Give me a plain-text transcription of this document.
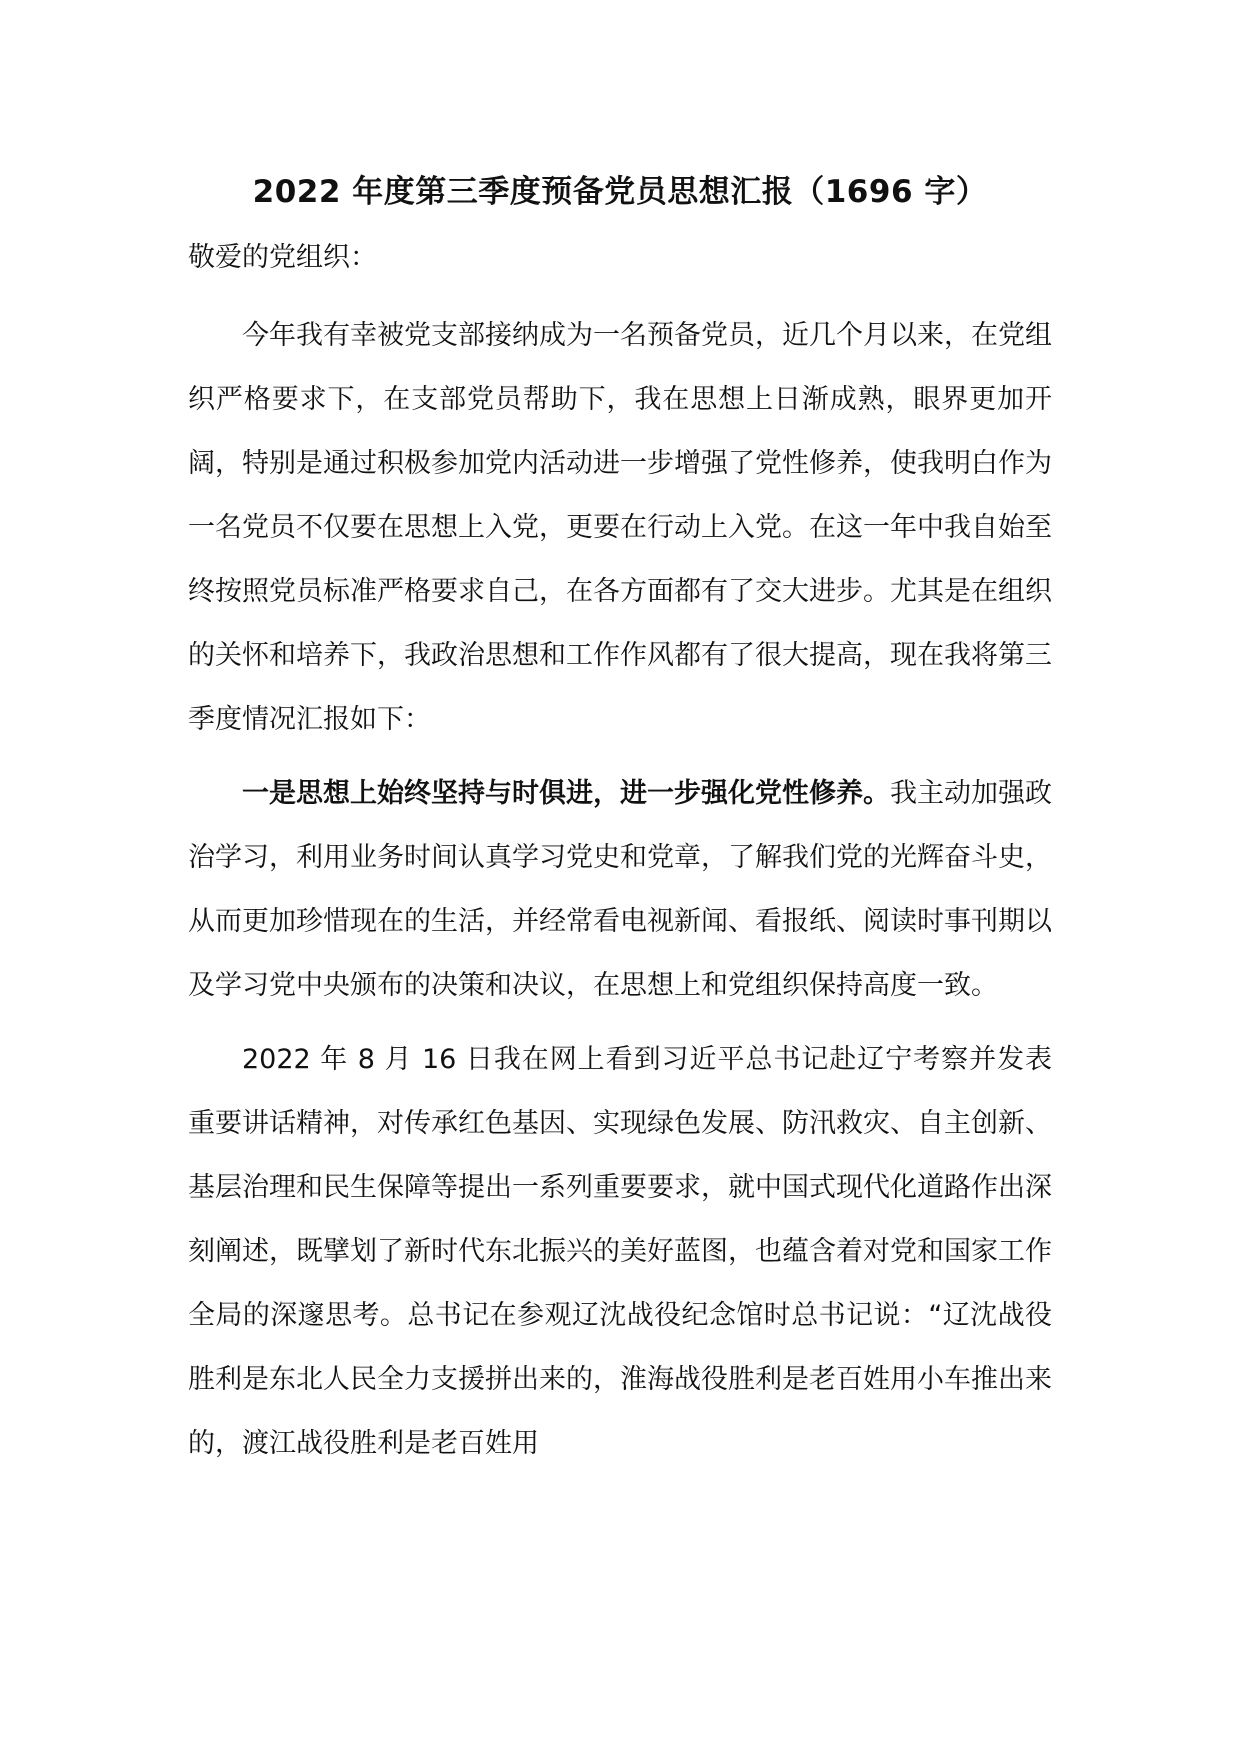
2022 年度第三季度预备党员思想汇报（1696 字）

敬爱的党组织：

今年我有幸被党支部接纳成为一名预备党员，近几个月以来，在党组织严格要求下，在支部党员帮助下，我在思想上日渐成熟，眼界更加开阔，特别是通过积极参加党内活动进一步增强了党性修养，使我明白作为一名党员不仅要在思想上入党，更要在行动上入党。在这一年中我自始至终按照党员标准严格要求自己，在各方面都有了交大进步。尤其是在组织的关怀和培养下，我政治思想和工作作风都有了很大提高，现在我将第三季度情况汇报如下：

一是思想上始终坚持与时俱进，进一步强化党性修养。我主动加强政治学习，利用业务时间认真学习党史和党章，了解我们党的光辉奋斗史，从而更加珍惜现在的生活，并经常看电视新闻、看报纸、阅读时事刊期以及学习党中央颁布的决策和决议，在思想上和党组织保持高度一致。

2022 年 8 月 16 日我在网上看到习近平总书记赴辽宁考察并发表重要讲话精神，对传承红色基因、实现绿色发展、防汛救灾、自主创新、基层治理和民生保障等提出一系列重要要求，就中国式现代化道路作出深刻阐述，既擘划了新时代东北振兴的美好蓝图，也蕴含着对党和国家工作全局的深邃思考。总书记在参观辽沈战役纪念馆时总书记说：“辽沈战役胜利是东北人民全力支援拼出来的，淮海战役胜利是老百姓用小车推出来的，渡江战役胜利是老百姓用
